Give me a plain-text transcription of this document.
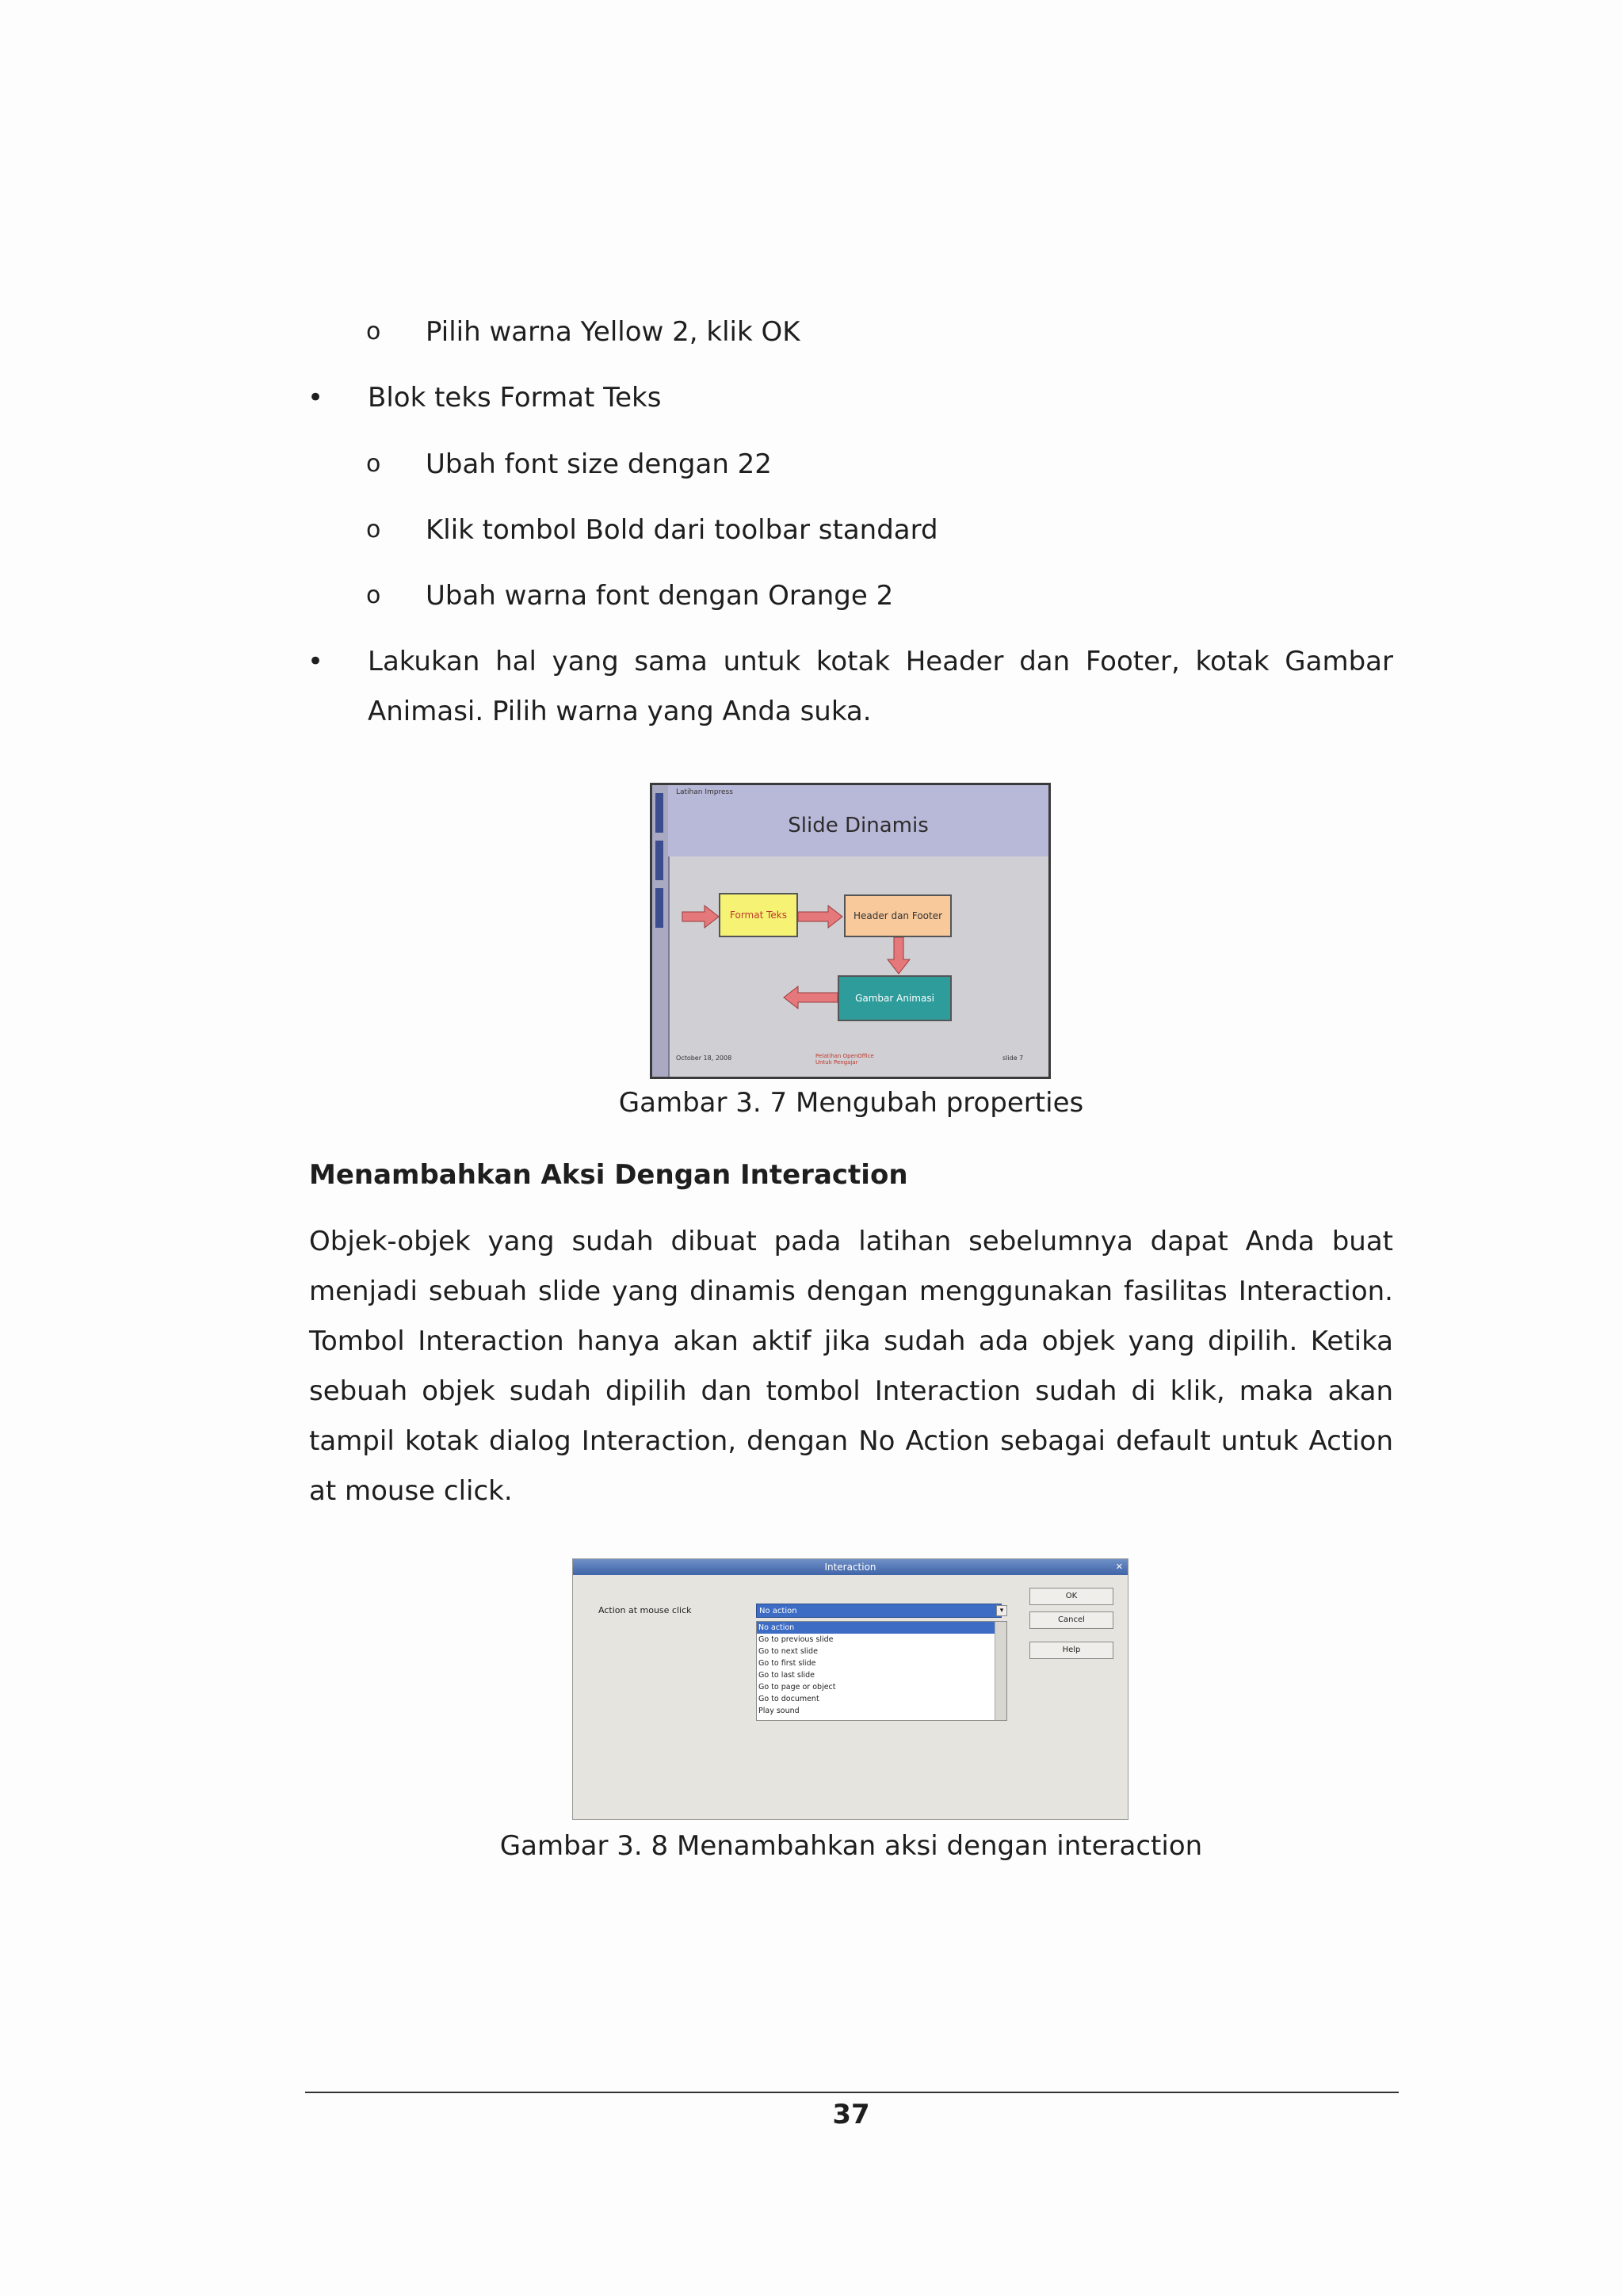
o Pilih warna Yellow 2, klik OK
• Blok teks Format Teks
o Ubah font size dengan 22
o Klik tombol Bold dari toolbar standard
o Ubah warna font dengan Orange 2
• Lakukan hal yang sama untuk kotak Header dan Footer, kotak Gambar Animasi. Pilih warna yang Anda suka.
Latihan Impress
Slide Dinamis
Format Teks	Header dan Footer
Gambar Animasi
October 18, 2008	Pelatihan OpenOffice Untuk Pengajar
slide 7
Gambar 3. 7 Mengubah properties
Menambahkan Aksi Dengan Interaction
Objek-objek yang sudah dibuat pada latihan sebelumnya dapat Anda buat menjadi sebuah slide yang dinamis dengan menggunakan fasilitas Interaction. Tombol Interaction hanya akan aktif jika sudah ada objek yang dipilih. Ketika sebuah objek sudah dipilih dan tombol Interaction sudah di klik, maka akan tampil kotak dialog Interaction, dengan No Action sebagai default untuk Action at mouse click.
Interaction	✕
Action at mouse click	No action	▾
No action
Go to previous slide
Go to next slide
Go to first slide
Go to last slide
Go to page or object
Go to document
Play sound
OK
Cancel
Help
Gambar 3. 8 Menambahkan aksi dengan interaction
37
